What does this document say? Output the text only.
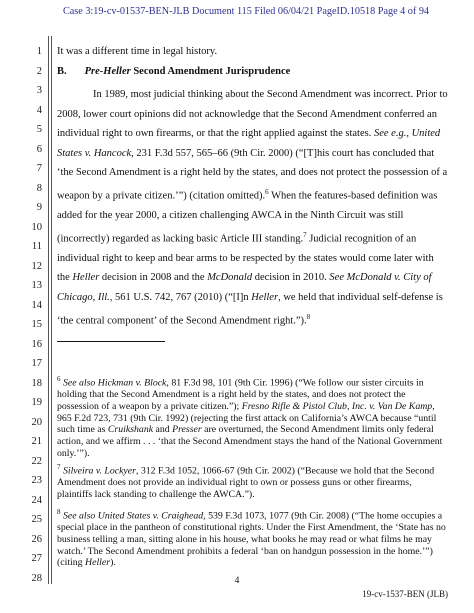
Case 3:19-cv-01537-BEN-JLB Document 115 Filed 06/04/21 PageID.10518 Page 4 of 94
1
2
3
4
5
6
7
8
9
10
11
12
13
14
15
16
17
18
19
20
21
22
23
24
25
26
27
28
It was a different time in legal history.
B. Pre-Heller Second Amendment Jurisprudence
In 1989, most judicial thinking about the Second Amendment was incorrect. Prior to 2008, lower court opinions did not acknowledge that the Second Amendment conferred an individual right to own firearms, or that the right applied against the states. See e.g., United States v. Hancock, 231 F.3d 557, 565–66 (9th Cir. 2000) (“[T]his court has concluded that ‘the Second Amendment is a right held by the states, and does not protect the possession of a weapon by a private citizen.’”) (citation omitted).$^6$ When the features-based definition was added for the year 2000, a citizen challenging AWCA in the Ninth Circuit was still (incorrectly) regarded as lacking basic Article III standing.$^7$ Judicial recognition of an individual right to keep and bear arms to be respected by the states would come later with the Heller decision in 2008 and the McDonald decision in 2010. See McDonald v. City of Chicago, Ill., 561 U.S. 742, 767 (2010) (“[I]n Heller, we held that individual self-defense is ‘the central component’ of the Second Amendment right.”).$^8$
$^6$ See also Hickman v. Block, 81 F.3d 98, 101 (9th Cir. 1996) (“We follow our sister circuits in holding that the Second Amendment is a right held by the states, and does not protect the possession of a weapon by a private citizen.”); Fresno Rifle & Pistol Club, Inc. v. Van De Kamp, 965 F.2d 723, 731 (9th Cir. 1992) (rejecting the first attack on California’s AWCA because “until such time as Cruikshank and Presser are overturned, the Second Amendment limits only federal action, and we affirm . . . ‘that the Second Amendment stays the hand of the National Government only.’”).
$^7$ Silveira v. Lockyer, 312 F.3d 1052, 1066-67 (9th Cir. 2002) (“Because we hold that the Second Amendment does not provide an individual right to own or possess guns or other firearms, plaintiffs lack standing to challenge the AWCA.”).
$^8$ See also United States v. Craighead, 539 F.3d 1073, 1077 (9th Cir. 2008) (“The home occupies a special place in the pantheon of constitutional rights. Under the First Amendment, the ‘State has no business telling a man, sitting alone in his house, what books he may read or what films he may watch.’ The Second Amendment prohibits a federal ‘ban on handgun possession in the home.’”) (citing Heller).
4
19-cv-1537-BEN (JLB)
